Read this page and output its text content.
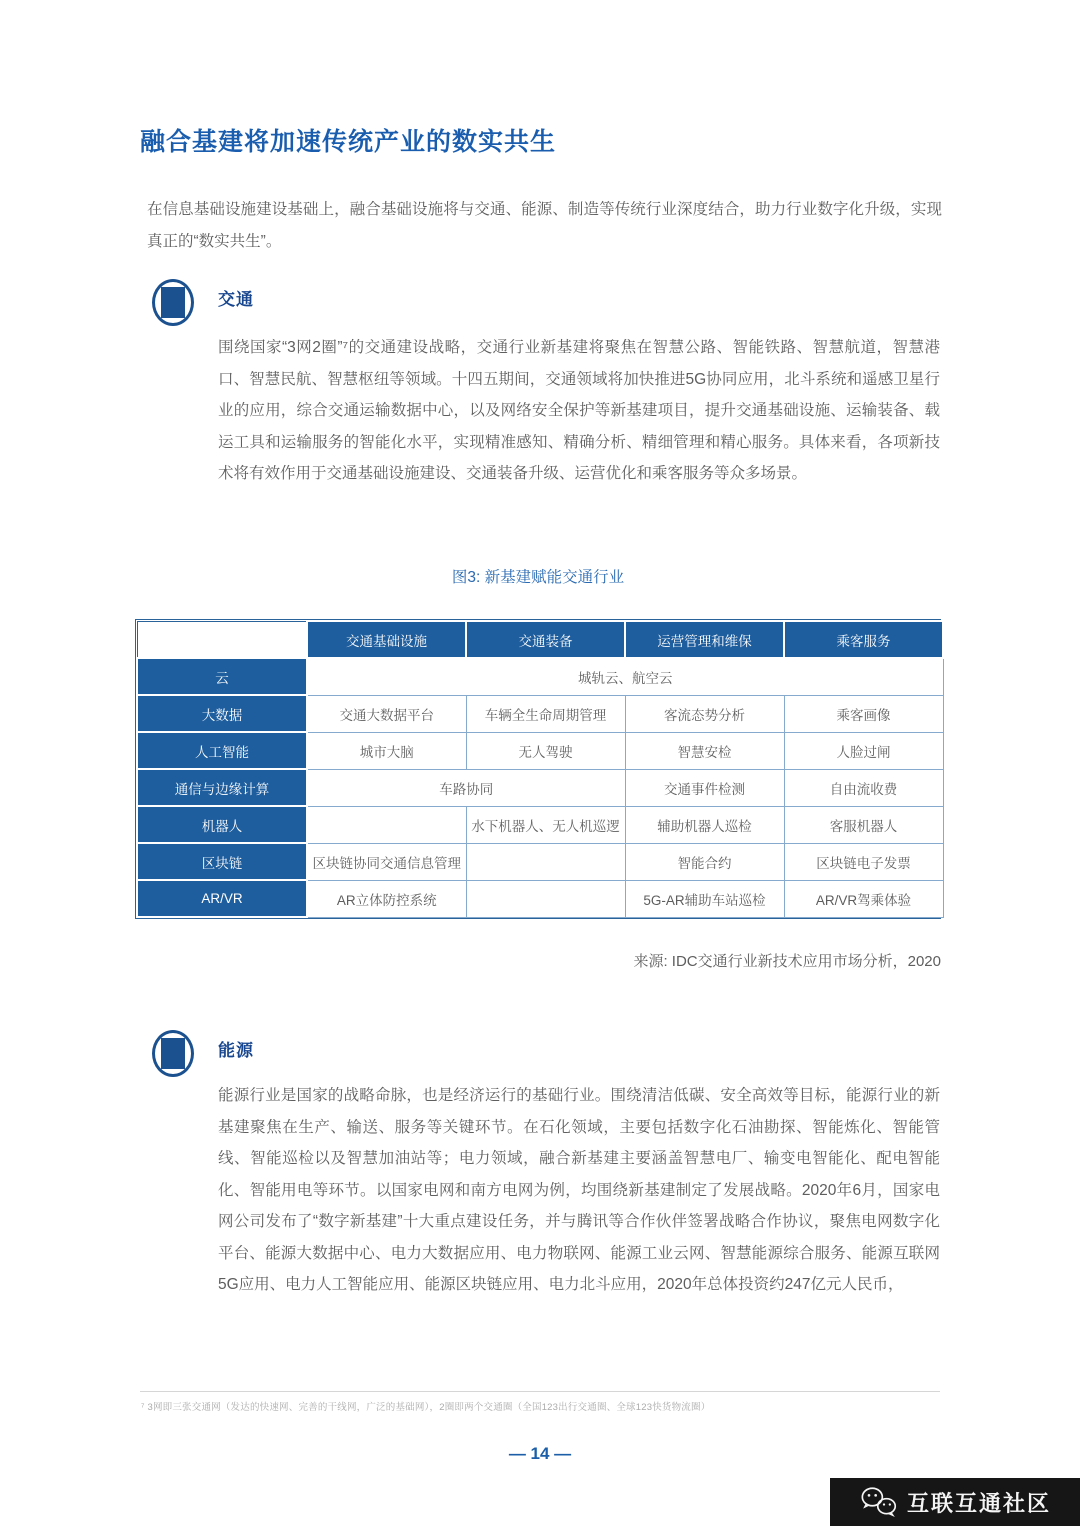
融合基建将加速传统产业的数实共生

在信息基础设施建设基础上，融合基础设施将与交通、能源、制造等传统行业深度结合，助力行业数字化升级，实现真正的“数实共生”。

交通

围绕国家“3网2圈”⁷的交通建设战略，交通行业新基建将聚焦在智慧公路、智能铁路、智慧航道，智慧港口、智慧民航、智慧枢纽等领域。十四五期间，交通领域将加快推进5G协同应用，北斗系统和遥感卫星行业的应用，综合交通运输数据中心，以及网络安全保护等新基建项目，提升交通基础设施、运输装备、载运工具和运输服务的智能化水平，实现精准感知、精确分析、精细管理和精心服务。具体来看，各项新技术将有效作用于交通基础设施建设、交通装备升级、运营优化和乘客服务等众多场景。

图3: 新基建赋能交通行业
	交通基础设施	交通装备	运营管理和维保	乘客服务
云	城轨云、航空云			
大数据	交通大数据平台	车辆全生命周期管理	客流态势分析	乘客画像
人工智能	城市大脑	无人驾驶	智慧安检	人脸过闸
通信与边缘计算	车路协同		交通事件检测	自由流收费
机器人		水下机器人、无人机巡逻	辅助机器人巡检	客服机器人
区块链	区块链协同交通信息管理		智能合约	区块链电子发票
AR/VR	AR立体防控系统		5G-AR辅助车站巡检	AR/VR驾乘体验
来源: IDC交通行业新技术应用市场分析，2020
能源

能源行业是国家的战略命脉，也是经济运行的基础行业。围绕清洁低碳、安全高效等目标，能源行业的新基建聚焦在生产、输送、服务等关键环节。在石化领域，主要包括数字化石油勘探、智能炼化、智能管线、智能巡检以及智慧加油站等；电力领域，融合新基建主要涵盖智慧电厂、输变电智能化、配电智能化、智能用电等环节。以国家电网和南方电网为例，均围绕新基建制定了发展战略。2020年6月，国家电网公司发布了“数字新基建”十大重点建设任务，并与腾讯等合作伙伴签署战略合作协议，聚焦电网数字化平台、能源大数据中心、电力大数据应用、电力物联网、能源工业云网、智慧能源综合服务、能源互联网5G应用、电力人工智能应用、能源区块链应用、电力北斗应用，2020年总体投资约247亿元人民币，

⁷ 3网即三张交通网（发达的快速网、完善的干线网，广泛的基础网），2圈即两个交通圈（全国123出行交通圈、全球123快货物流圈）
— 14 —
互联互通社区
